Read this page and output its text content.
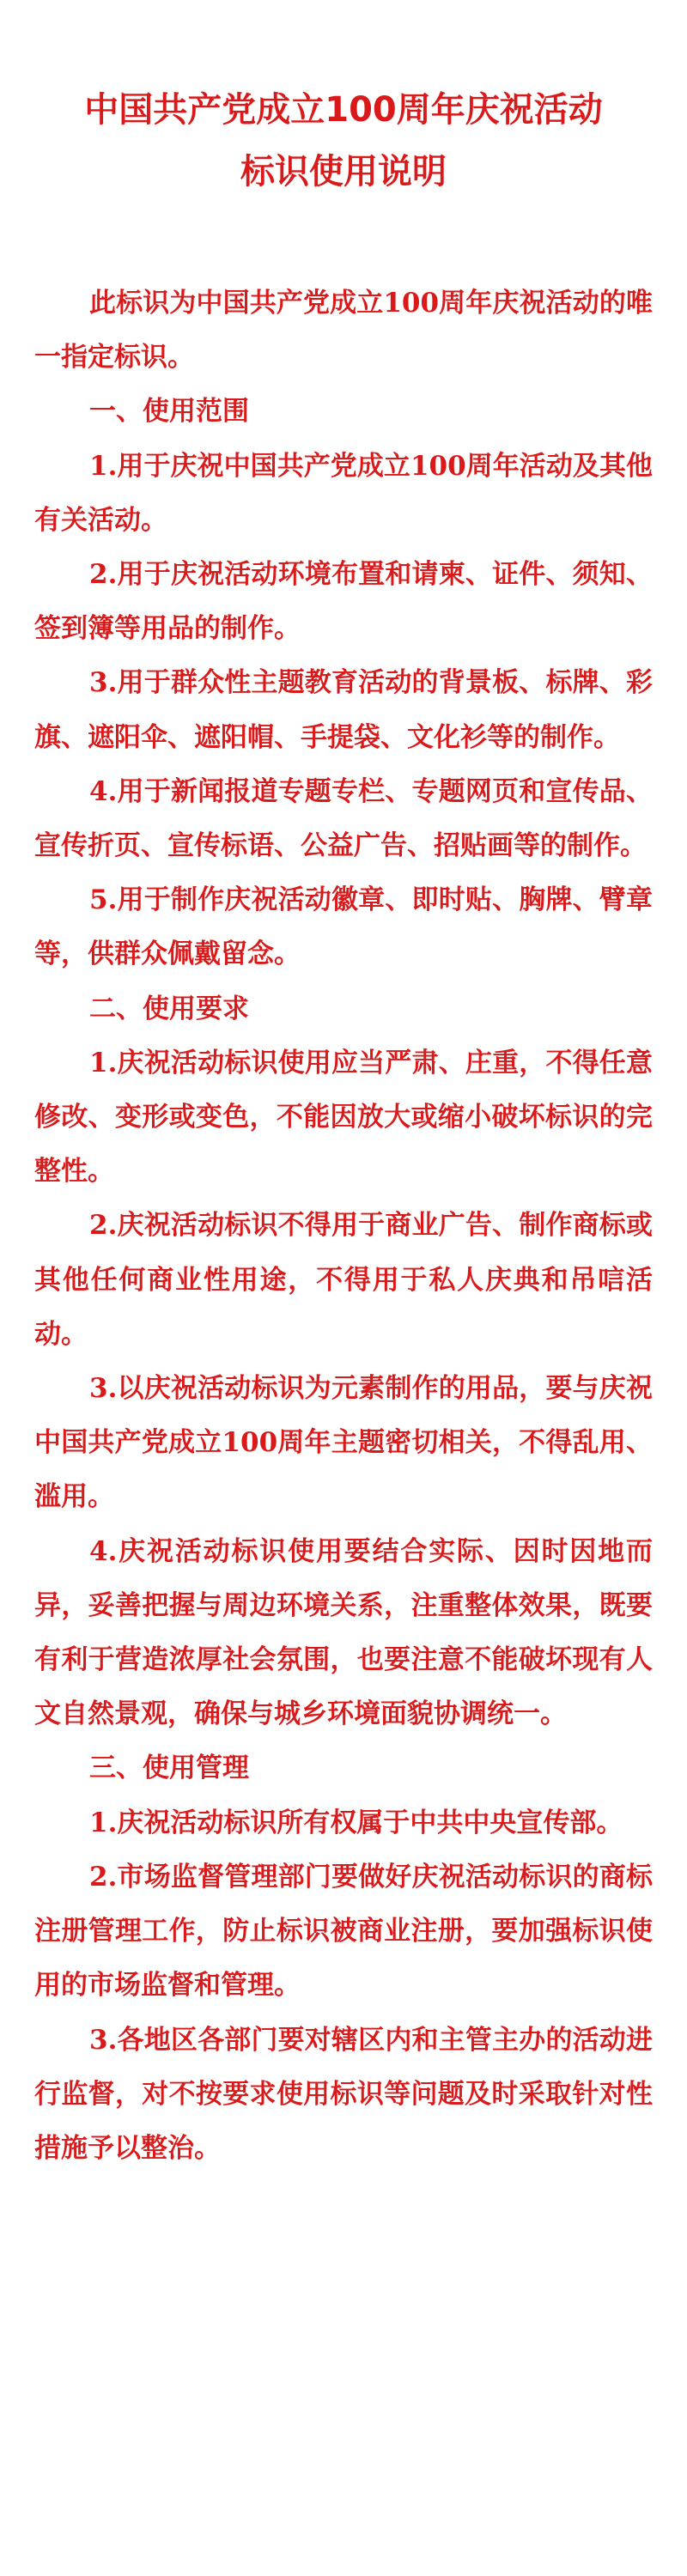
中国共产党成立100周年庆祝活动
标识使用说明

此标识为中国共产党成立100周年庆祝活动的唯一指定标识。

一、使用范围

1.用于庆祝中国共产党成立100周年活动及其他有关活动。

2.用于庆祝活动环境布置和请柬、证件、须知、签到簿等用品的制作。

3.用于群众性主题教育活动的背景板、标牌、彩旗、遮阳伞、遮阳帽、手提袋、文化衫等的制作。

4.用于新闻报道专题专栏、专题网页和宣传品、宣传折页、宣传标语、公益广告、招贴画等的制作。

5.用于制作庆祝活动徽章、即时贴、胸牌、臂章等，供群众佩戴留念。

二、使用要求

1.庆祝活动标识使用应当严肃、庄重，不得任意修改、变形或变色，不能因放大或缩小破坏标识的完整性。

2.庆祝活动标识不得用于商业广告、制作商标或其他任何商业性用途，不得用于私人庆典和吊唁活动。

3.以庆祝活动标识为元素制作的用品，要与庆祝中国共产党成立100周年主题密切相关，不得乱用、滥用。

4.庆祝活动标识使用要结合实际、因时因地而异，妥善把握与周边环境关系，注重整体效果，既要有利于营造浓厚社会氛围，也要注意不能破坏现有人文自然景观，确保与城乡环境面貌协调统一。

三、使用管理

1.庆祝活动标识所有权属于中共中央宣传部。

2.市场监督管理部门要做好庆祝活动标识的商标注册管理工作，防止标识被商业注册，要加强标识使用的市场监督和管理。

3.各地区各部门要对辖区内和主管主办的活动进行监督，对不按要求使用标识等问题及时采取针对性措施予以整治。
